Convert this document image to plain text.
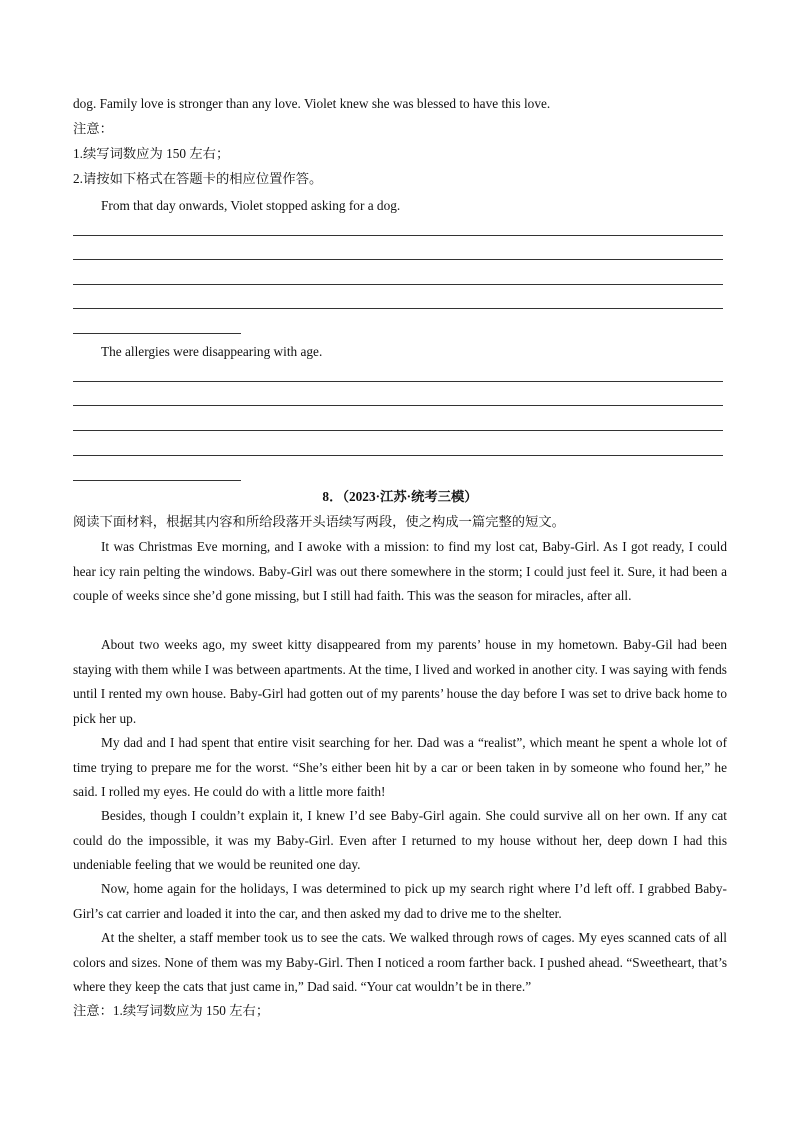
dog. Family love is stronger than any love. Violet knew she was blessed to have this love.

注意：

1.续写词数应为 150 左右；

2.请按如下格式在答题卡的相应位置作答。

From that day onwards, Violet stopped asking for a dog.

The allergies were disappearing with age.

8．（2023·江苏·统考三模）

阅读下面材料，根据其内容和所给段落开头语续写两段，使之构成一篇完整的短文。

It was Christmas Eve morning, and I awoke with a mission: to find my lost cat, Baby-Girl. As I got ready, I could hear icy rain pelting the windows. Baby-Girl was out there somewhere in the storm; I could just feel it. Sure, it had been a couple of weeks since she’d gone missing, but I still had faith. This was the season for miracles, after all.

About two weeks ago, my sweet kitty disappeared from my parents’ house in my hometown. Baby-Gil had been staying with them while I was between apartments. At the time, I lived and worked in another city. I was saying with fends until I rented my own house. Baby-Girl had gotten out of my parents’ house the day before I was set to drive back home to pick her up.

My dad and I had spent that entire visit searching for her. Dad was a “realist”, which meant he spent a whole lot of time trying to prepare me for the worst. “She’s either been hit by a car or been taken in by someone who found her,” he said. I rolled my eyes. He could do with a little more faith!

Besides, though I couldn’t explain it, I knew I’d see Baby-Girl again. She could survive all on her own. If any cat could do the impossible, it was my Baby-Girl. Even after I returned to my house without her, deep down I had this undeniable feeling that we would be reunited one day.

Now, home again for the holidays, I was determined to pick up my search right where I’d left off. I grabbed Baby-Girl’s cat carrier and loaded it into the car, and then asked my dad to drive me to the shelter.

At the shelter, a staff member took us to see the cats. We walked through rows of cages. My eyes scanned cats of all colors and sizes. None of them was my Baby-Girl. Then I noticed a room farther back. I pushed ahead. “Sweetheart, that’s where they keep the cats that just came in,” Dad said. “Your cat wouldn’t be in there.”

注意：1.续写词数应为 150 左右；
